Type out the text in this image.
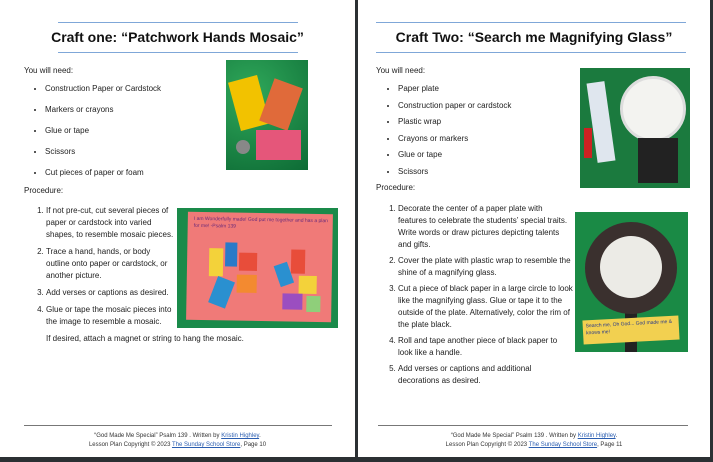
Craft one: “Patchwork Hands Mosaic”
You will need:
• Construction Paper or Cardstock
• Markers or crayons
• Glue or tape
• Scissors
• Cut pieces of paper or foam
Procedure:
1. If not pre-cut, cut several pieces of paper or cardstock into varied shapes, to resemble mosaic pieces.
2. Trace a hand, hands, or body outline onto paper or cardstock, or another picture.
3. Add verses or captions as desired.
4. Glue or tape the mosaic pieces into the image to resemble a mosaic.
If desired, attach a magnet or string to hang the mosaic.
I am Wonderfully made! God put me together and has a plan for me! -Psalm 139
“God Made Me Special” Psalm 139 . Written by Kristin Highley.
Lesson Plan Copyright © 2023 The Sunday School Store, Page 10
Craft Two: “Search me Magnifying Glass”
You will need:
• Paper plate
• Construction paper or cardstock
• Plastic wrap
• Crayons or markers
• Glue or tape
• Scissors
Procedure:
1. Decorate the center of a paper plate with features to celebrate the students’ special traits. Write words or draw pictures depicting talents and gifts.
2. Cover the plate with plastic wrap to resemble the shine of a magnifying glass.
3. Cut a piece of black paper in a large circle to look like the magnifying glass. Glue or tape it to the outside of the plate. Alternatively, color the rim of the plate black.
4. Roll and tape another piece of black paper to look like a handle.
5. Add verses or captions and additional decorations as desired.
Search me, Oh God... God made me & knows me!
“God Made Me Special” Psalm 139 . Written by Kristin Highley.
Lesson Plan Copyright © 2023 The Sunday School Store, Page 11
